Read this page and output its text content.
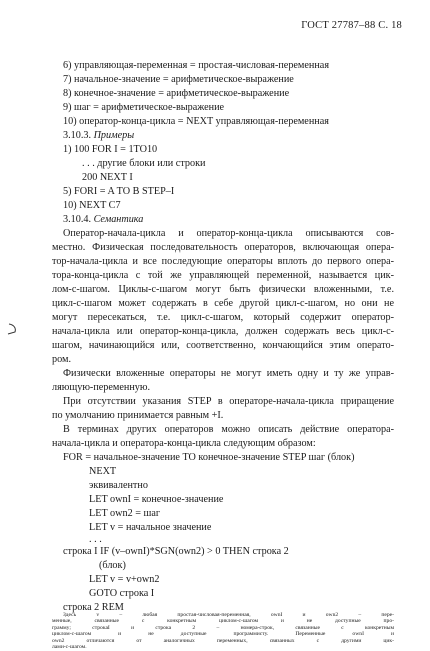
ГОСТ 27787–88 С. 18
6) управляющая-переменная = простая-числовая-переменная
7) начальное-значение = арифметическое-выражение
8) конечное-значение = арифметическое-выражение
9) шаг = арифметическое-выражение
10) оператор-конца-цикла = NEXT управляющая-переменная
3.10.3. Примеры
1) 100 FOR I = 1TO10
. . . другие блоки или строки
200 NEXT I
5) FORI = A TO B STEP–I
10) NEXT C7
3.10.4. Семантика
Оператор-начала-цикла и оператор-конца-цикла описываются сов-
местно. Физическая последовательность операторов, включающая опера-
тор-начала-цикла и все последующие операторы вплоть до первого опера-
тора-конца-цикла с той же управляющей переменной, называется цик-
лом-с-шагом. Циклы-с-шагом могут быть физически вложенными, т.е.
цикл-с-шагом может содержать в себе другой цикл-с-шагом, но они не
могут пересекаться, т.е. цикл-с-шагом, который содержит оператор-
начала-цикла или оператор-конца-цикла, должен содержать весь цикл-с-
шагом, начинающийся или, соответственно, кончающийся этим операто-
ром.
Физически вложенные операторы не могут иметь одну и ту же управ-
ляющую-переменную.
При отсутствии указания STEP в операторе-начала-цикла приращение
по умолчанию принимается равным +I.
В терминах других операторов можно описать действие оператора-
начала-цикла и оператора-конца-цикла следующим образом:
FOR = начальное-значение TO конечное-значение STEP шаг (блок)
NEXT
эквивалентно
LET ownI = конечное-значение
LET own2 = шаг
LET v = начальное значение
. . .
строка I IF (v–ownI)*SGN(own2) > 0 THEN строка 2
(блок)
LET v = v+own2
GOTO строка I
строка 2 REM
Здесь v – любая простая-числовая-переменная, ownI и own2 – пере-
менные, связанные с конкретным циклом-с-шагом и не доступные про-
циклом-с-шагом и не доступные программисту. Переменные ownI и
own2 отличаются от аналогичных переменных, связанных с другими цик-
лами-с-шагом.
грамму; строкаI и строка 2 – номера-строк, связанные с конкретным
